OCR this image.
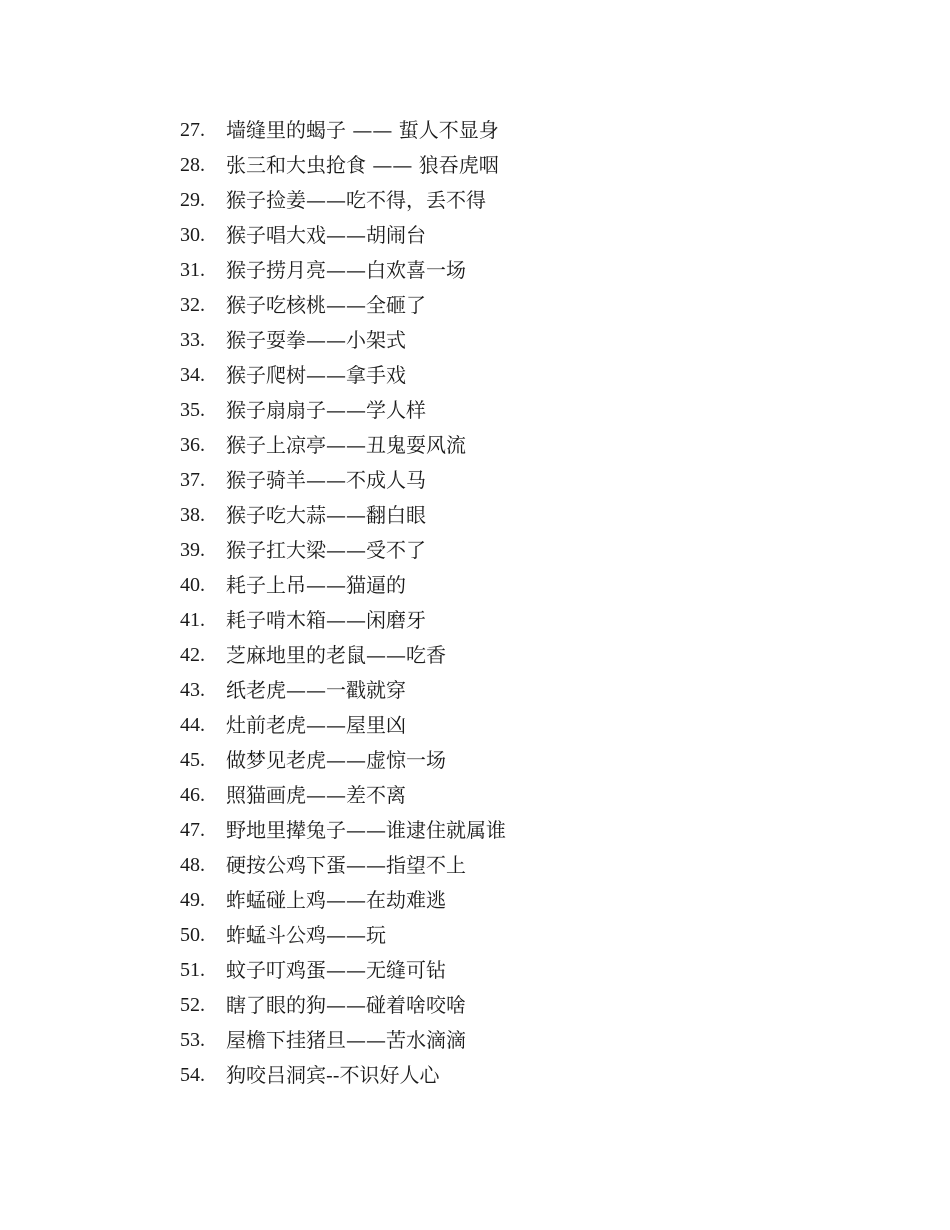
27.	墙缝里的蝎子 —— 蜇人不显身
28.	张三和大虫抢食 —— 狼吞虎咽
29.	猴子捡姜——吃不得，丢不得
30.	猴子唱大戏——胡闹台
31.	猴子捞月亮——白欢喜一场
32.	猴子吃核桃——全砸了
33.	猴子耍拳——小架式
34.	猴子爬树——拿手戏
35.	猴子扇扇子——学人样
36.	猴子上凉亭——丑鬼耍风流
37.	猴子骑羊——不成人马
38.	猴子吃大蒜——翻白眼
39.	猴子扛大梁——受不了
40.	耗子上吊——猫逼的
41.	耗子啃木箱——闲磨牙
42.	芝麻地里的老鼠——吃香
43.	纸老虎——一戳就穿
44.	灶前老虎——屋里凶
45.	做梦见老虎——虚惊一场
46.	照猫画虎——差不离
47.	野地里撵兔子——谁逮住就属谁
48.	硬按公鸡下蛋——指望不上
49.	蚱蜢碰上鸡——在劫难逃
50.	蚱蜢斗公鸡——玩
51.	蚊子叮鸡蛋——无缝可钻
52.	瞎了眼的狗——碰着啥咬啥
53.	屋檐下挂猪旦——苦水滴滴
54.	狗咬吕洞宾--不识好人心
